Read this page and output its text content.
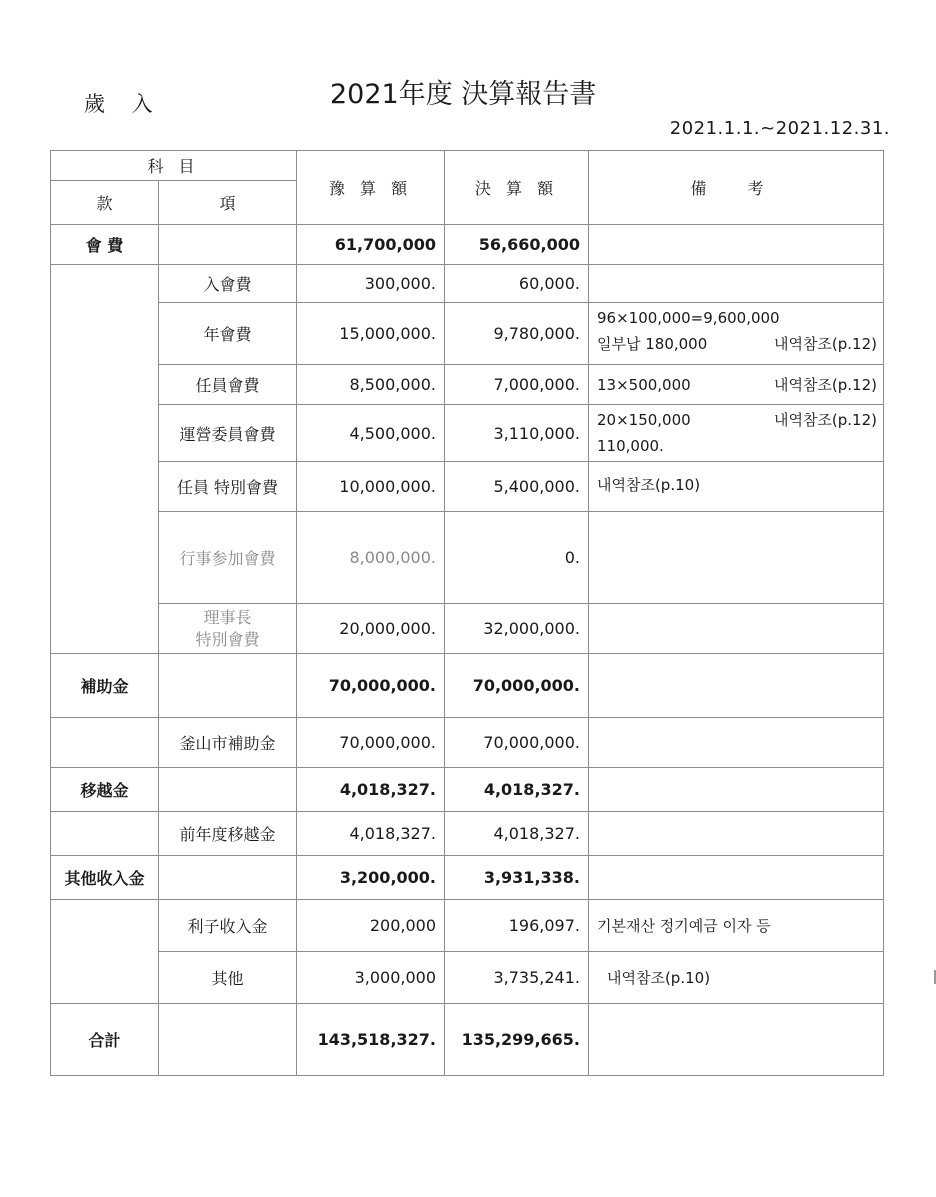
歲 入	2021年度 決算報告書
2021.1.1.~2021.12.31.
科 目		豫 算 額	決 算 額	備 考
款	項			
會 費		61,700,000	56,660,000	
	入會費	300,000.	60,000.	
	年會費	15,000,000.	9,780,000.	96×100,000=9,600,000
일부납 180,000 내역참조(p.12)

	任員會費	8,500,000.	7,000,000.	13×500,000 내역참조(p.12)

	運營委員會費	4,500,000.	3,110,000.	20×150,000 내역참조(p.12)
110,000.

	任員 特別會費	10,000,000.	5,400,000.	내역참조(p.10)

	行事参加會費	8,000,000.	0.	

	理事長
特別會費	20,000,000.	32,000,000.	
補助金		70,000,000.	70,000,000.	
	釜山市補助金	70,000,000.	70,000,000.	
移越金		4,018,327.	4,018,327.	
	前年度移越金	4,018,327.	4,018,327.	
其他收入金		3,200,000.	3,931,338.	
	利子收入金	200,000	196,097.	기본재산 정기예금 이자 등

	其他	3,000,000	3,735,241.	내역참조(p.10)

合計		143,518,327.	135,299,665.	
